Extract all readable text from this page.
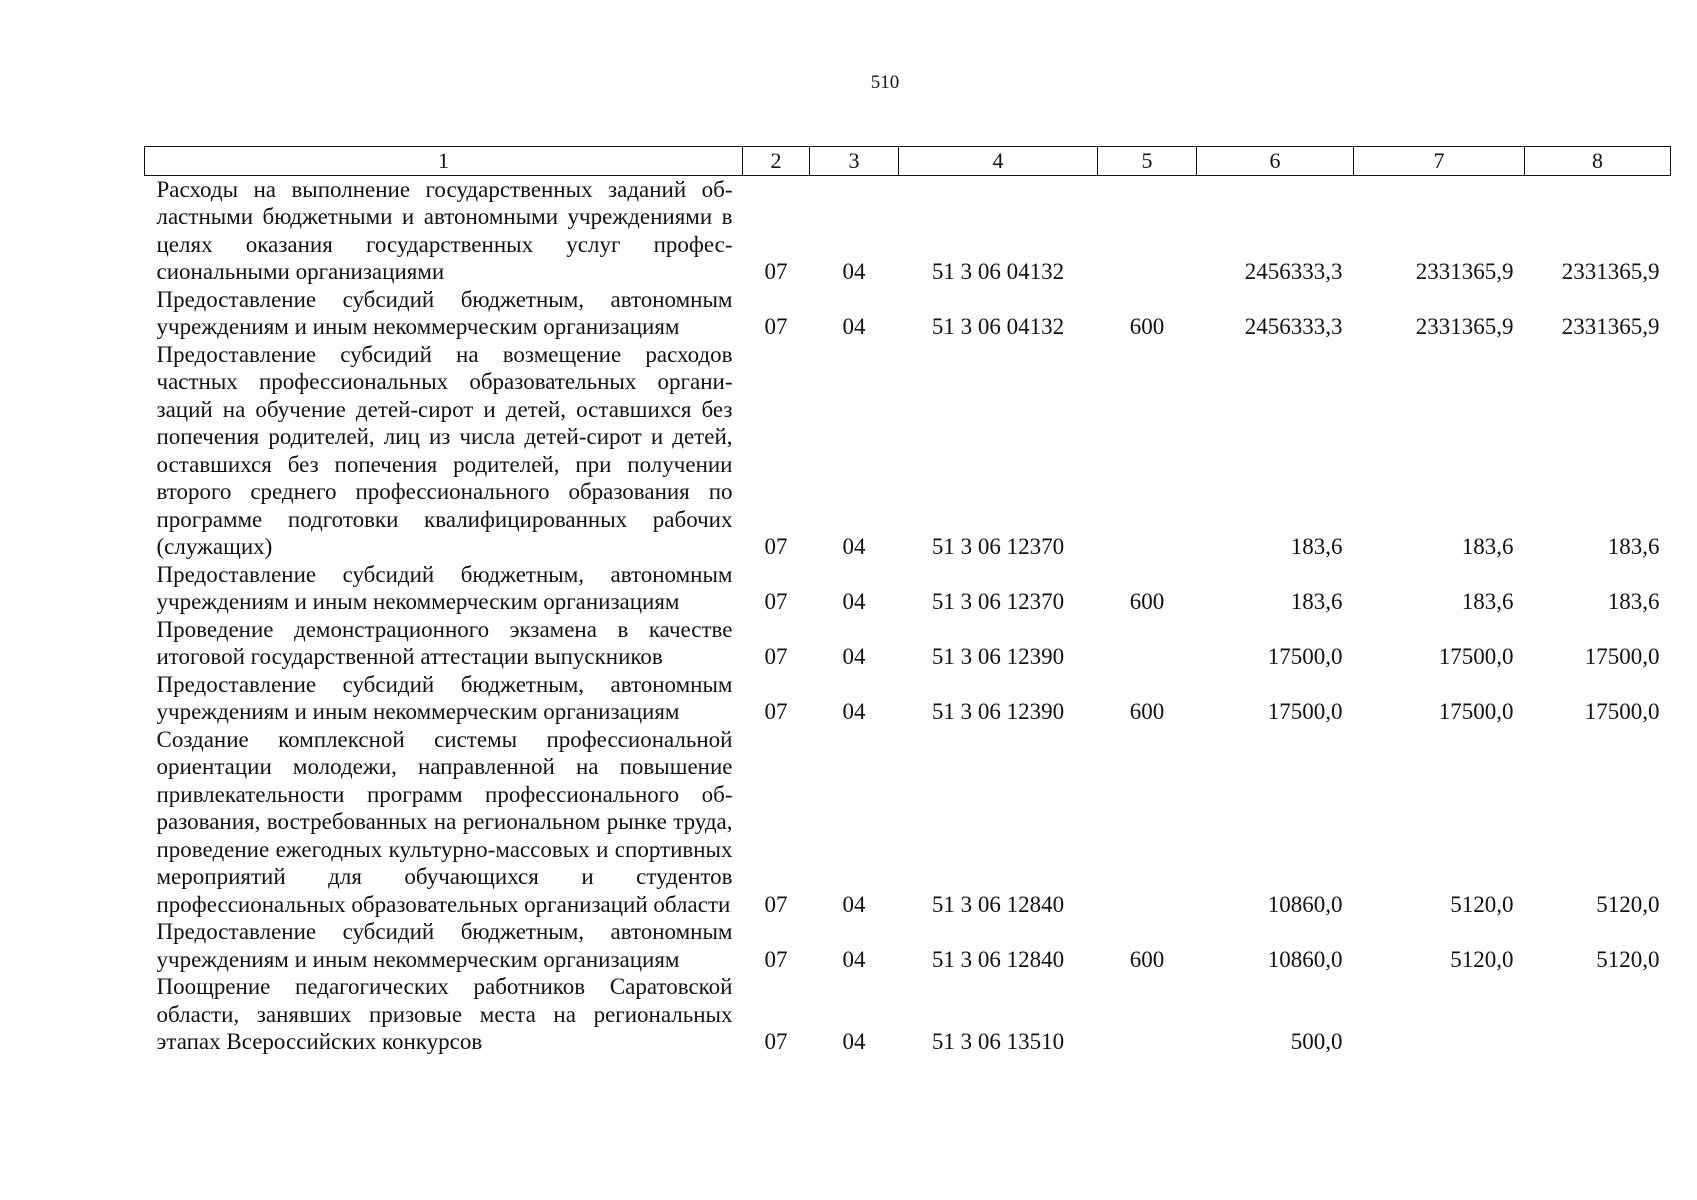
510
1	2	3	4	5	6	7	8
Расходы на выполнение государственных заданий областными бюджетными и автономными учреждениями в целях оказания государственных услуг профессиональными организациями	07	04	51 3 06 04132		2456333,3	2331365,9	2331365,9
Предоставление субсидий бюджетным, автономным учреждениям и иным некоммерческим организациям	07	04	51 3 06 04132	600	2456333,3	2331365,9	2331365,9
Предоставление субсидий на возмещение расходов частных профессиональных образовательных организаций на обучение детей-сирот и детей, оставшихся без попечения родителей, лиц из числа детей-сирот и детей, оставшихся без попечения родителей, при получении второго среднего профессионального образования по программе подготовки квалифицированных рабочих (служащих)	07	04	51 3 06 12370		183,6	183,6	183,6
Предоставление субсидий бюджетным, автономным учреждениям и иным некоммерческим организациям	07	04	51 3 06 12370	600	183,6	183,6	183,6
Проведение демонстрационного экзамена в качестве итоговой государственной аттестации выпускников	07	04	51 3 06 12390		17500,0	17500,0	17500,0
Предоставление субсидий бюджетным, автономным учреждениям и иным некоммерческим организациям	07	04	51 3 06 12390	600	17500,0	17500,0	17500,0
Создание комплексной системы профессиональной ориентации молодежи, направленной на повышение привлекательности программ профессионального образования, востребованных на региональном рынке труда, проведение ежегодных культурно-массовых и спортивных мероприятий для обучающихся и студентов профессиональных образовательных организаций области	07	04	51 3 06 12840		10860,0	5120,0	5120,0
Предоставление субсидий бюджетным, автономным учреждениям и иным некоммерческим организациям	07	04	51 3 06 12840	600	10860,0	5120,0	5120,0
Поощрение педагогических работников Саратовской области, занявших призовые места на региональных этапах Всероссийских конкурсов	07	04	51 3 06 13510		500,0		
